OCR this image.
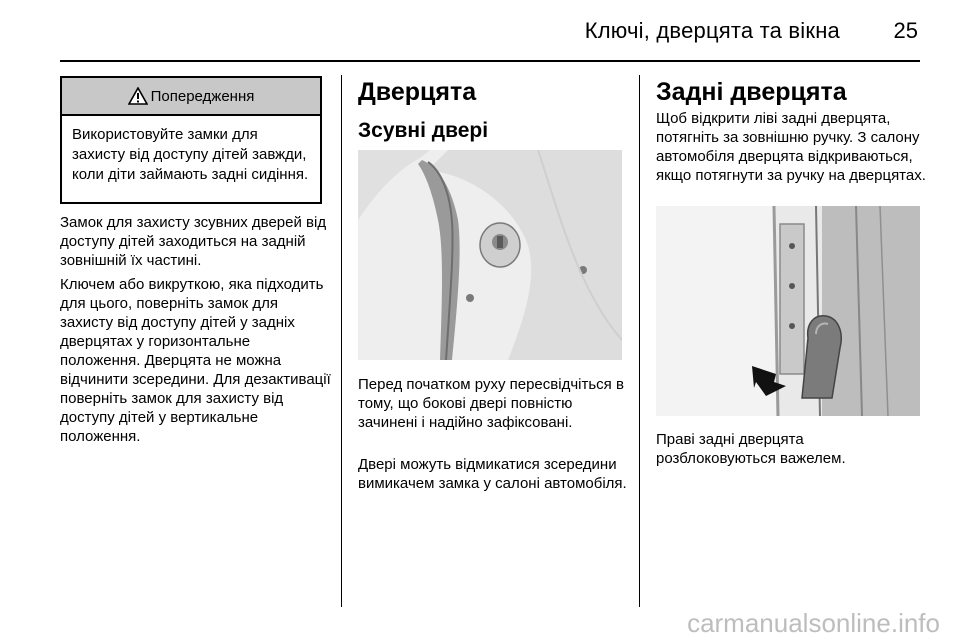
Ключі, дверцята та вікна	25
Попередження
Використовуйте замки для захисту від доступу дітей завжди, коли діти займають задні сидіння.
Замок для захисту зсувних дверей від доступу дітей заходиться на задній зовнішній їх частині.
Ключем або викруткою, яка підходить для цього, поверніть замок для захисту від доступу дітей у задніх дверцятах у горизонтальне положення. Дверцята не можна відчинити зсередини. Для дезактивації поверніть замок для захисту від доступу дітей у вертикальне положення.
Дверцята
Зсувні двері
Перед початком руху пересвідчіться в тому, що бокові двері повністю зачинені і надійно зафіксовані.
Двері можуть відмикатися зсередини вимикачем замка у салоні автомобіля.
Задні дверцята
Щоб відкрити ліві задні дверцята, потягніть за зовнішню ручку. З салону автомобіля дверцята відкриваються, якщо потягнути за ручку на дверцятах.
Праві задні дверцята розблоковуються важелем.
carmanualsonline.info
